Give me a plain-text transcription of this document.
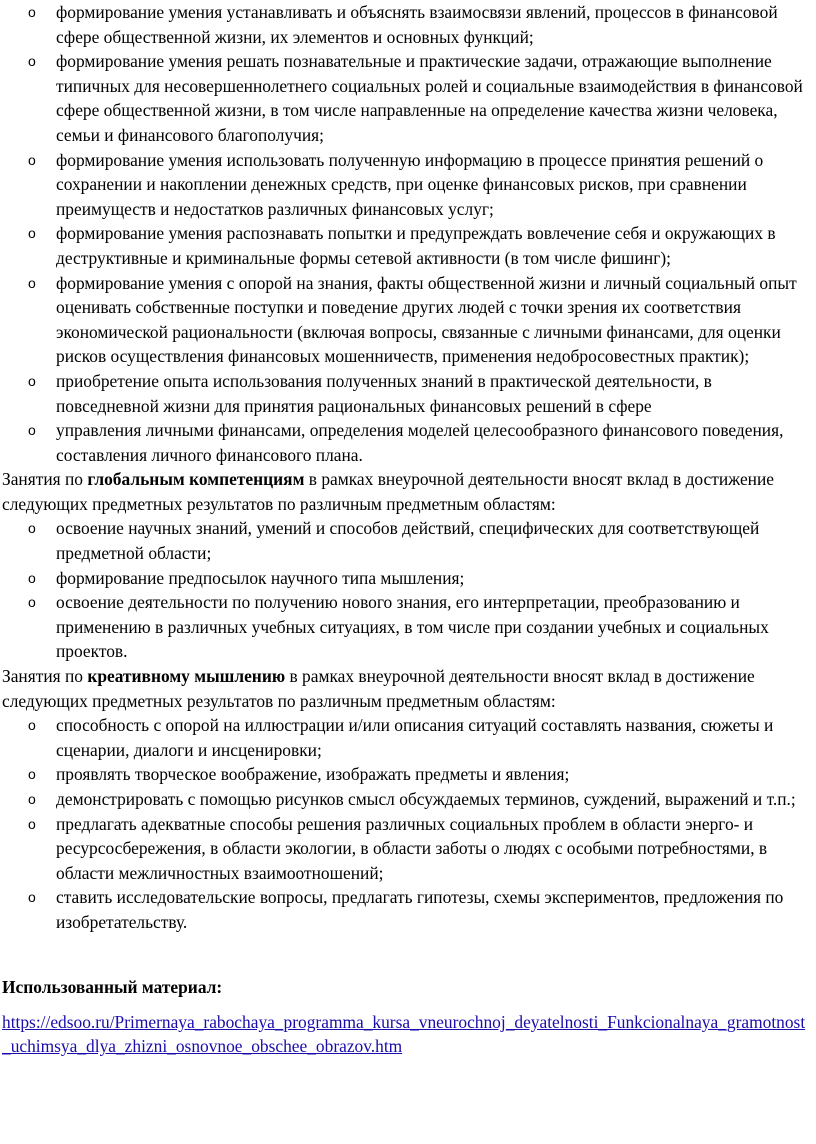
o формирование умения устанавливать и объяснять взаимосвязи явлений, процессов в финансовой сфере общественной жизни, их элементов и основных функций;
o формирование умения решать познавательные и практические задачи, отражающие выполнение типичных для несовершеннолетнего социальных ролей и социальные взаимодействия в финансовой сфере общественной жизни, в том числе направленные на определение качества жизни человека, семьи и финансового благополучия;
o формирование умения использовать полученную информацию в процессе принятия решений о сохранении и накоплении денежных средств, при оценке финансовых рисков, при сравнении преимуществ и недостатков различных финансовых услуг;
o формирование умения распознавать попытки и предупреждать вовлечение себя и окружающих в деструктивные и криминальные формы сетевой активности (в том числе фишинг);
o формирование умения с опорой на знания, факты общественной жизни и личный социальный опыт оценивать собственные поступки и поведение других людей с точки зрения их соответствия экономической рациональности (включая вопросы, связанные с личными финансами, для оценки рисков осуществления финансовых мошенничеств, применения недобросовестных практик);
o приобретение опыта использования полученных знаний в практической деятельности, в повседневной жизни для принятия рациональных финансовых решений в сфере
o управления личными финансами, определения моделей целесообразного финансового поведения, составления личного финансового плана.

Занятия по глобальным компетенциям в рамках внеурочной деятельности вносят вклад в достижение следующих предметных результатов по различным предметным областям:

o освоение научных знаний, умений и способов действий, специфических для соответствующей предметной области;
o формирование предпосылок научного типа мышления;
o освоение деятельности по получению нового знания, его интерпретации, преобразованию и применению в различных учебных ситуациях, в том числе при создании учебных и социальных проектов.

Занятия по креативному мышлению в рамках внеурочной деятельности вносят вклад в достижение следующих предметных результатов по различным предметным областям:

o способность с опорой на иллюстрации и/или описания ситуаций составлять названия, сюжеты и сценарии, диалоги и инсценировки;
o проявлять творческое воображение, изображать предметы и явления;
o демонстрировать с помощью рисунков смысл обсуждаемых терминов, суждений, выражений и т.п.;
o предлагать адекватные способы решения различных социальных проблем в области энерго- и ресурсосбережения, в области экологии, в области заботы о людях с особыми потребностями, в области межличностных взаимоотношений;
o ставить исследовательские вопросы, предлагать гипотезы, схемы экспериментов, предложения по изобретательству.
Использованный материал:
https://edsoo.ru/Primernaya_rabochaya_programma_kursa_vneurochnoj_deyatelnosti_Funkcionalnaya_gramotnost_uchimsya_dlya_zhizni_osnovnoe_obschee_obrazov.htm
